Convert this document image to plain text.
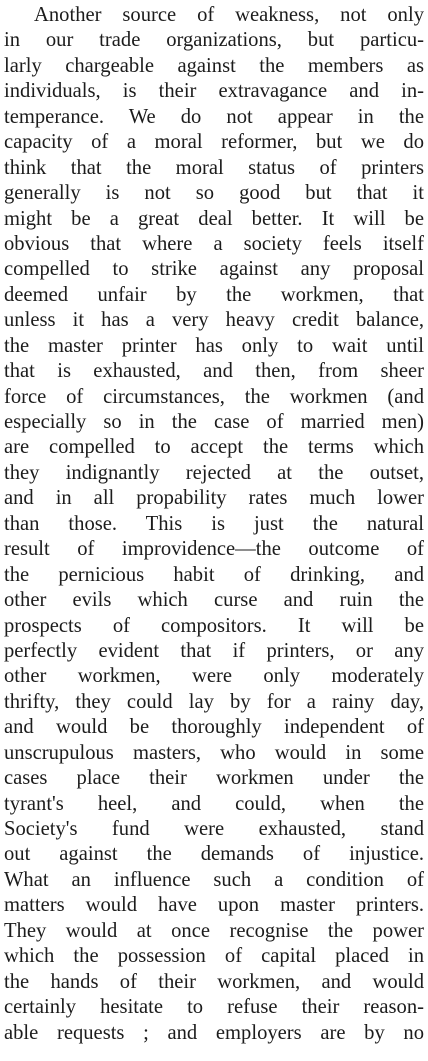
Another source of weakness, not only
in our trade organizations, but particu-
larly chargeable against the members as
individuals, is their extravagance and in-
temperance. We do not appear in the
capacity of a moral reformer, but we do
think that the moral status of printers
generally is not so good but that it
might be a great deal better. It will be
obvious that where a society feels itself
compelled to strike against any proposal
deemed unfair by the workmen, that
unless it has a very heavy credit balance,
the master printer has only to wait until
that is exhausted, and then, from sheer
force of circumstances, the workmen (and
especially so in the case of married men)
are compelled to accept the terms which
they indignantly rejected at the outset,
and in all propability rates much lower
than those. This is just the natural
result of improvidence—the outcome of
the pernicious habit of drinking, and
other evils which curse and ruin the
prospects of compositors. It will be
perfectly evident that if printers, or any
other workmen, were only moderately
thrifty, they could lay by for a rainy day,
and would be thoroughly independent of
unscrupulous masters, who would in some
cases place their workmen under the
tyrant's heel, and could, when the
Society's fund were exhausted, stand
out against the demands of injustice.
What an influence such a condition of
matters would have upon master printers.
They would at once recognise the power
which the possession of capital placed in
the hands of their workmen, and would
certainly hesitate to refuse their reason-
able requests ; and employers are by no
